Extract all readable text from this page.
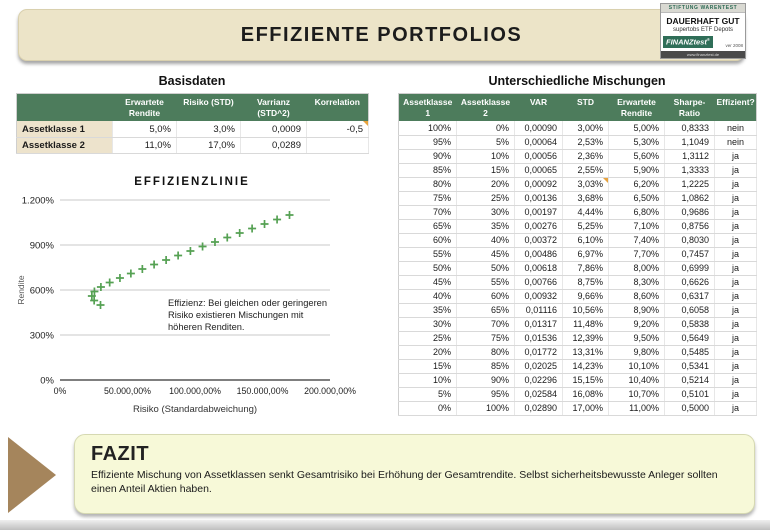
EFFIZIENTE PORTFOLIOS
STIFTUNG WARENTEST
DAUERHAFT GUT
supertobs ETF Depots
FINANZtest®
ver 2008
www.finanztest.de
Basisdaten
	Erwartete Rendite	Risiko (STD)	Varrianz (STD^2)	Korrelation
Assetklasse 1	5,0%	3,0%	0,0009	-0,5

Assetklasse 2	11,0%	17,0%	0,0289	
EFFIZIENZLINIE
0%
300%
600%
900%
1.200%
0%	50.000,00% 100.000,00% 150.000,00% 200.000,00%
Risiko (Standardabweichung)
Rendite	Effizienz: Bei gleichen oder geringeren
Risiko existieren Mischungen mit
höheren Renditen.
Unterschiedliche Mischungen
Assetklasse 1	Assetklasse 2	VAR	STD	Erwartete Rendite	Sharpe-Ratio	Effizient?
100%	0%	0,00090	3,00%	5,00%	0,8333	nein
95%	5%	0,00064	2,53%	5,30%	1,1049	nein
90%	10%	0,00056	2,36%	5,60%	1,3112	ja
85%	15%	0,00065	2,55%	5,90%	1,3333	ja
80%	20%	0,00092	3,03%	6,20%	1,2225	ja
75%	25%	0,00136	3,68%	6,50%	1,0862	ja
70%	30%	0,00197	4,44%	6,80%	0,9686	ja
65%	35%	0,00276	5,25%	7,10%	0,8756	ja
60%	40%	0,00372	6,10%	7,40%	0,8030	ja
55%	45%	0,00486	6,97%	7,70%	0,7457	ja
50%	50%	0,00618	7,86%	8,00%	0,6999	ja
45%	55%	0,00766	8,75%	8,30%	0,6626	ja
40%	60%	0,00932	9,66%	8,60%	0,6317	ja
35%	65%	0,01116	10,56%	8,90%	0,6058	ja
30%	70%	0,01317	11,48%	9,20%	0,5838	ja
25%	75%	0,01536	12,39%	9,50%	0,5649	ja
20%	80%	0,01772	13,31%	9,80%	0,5485	ja
15%	85%	0,02025	14,23%	10,10%	0,5341	ja
10%	90%	0,02296	15,15%	10,40%	0,5214	ja
5%	95%	0,02584	16,08%	10,70%	0,5101	ja
0%	100%	0,02890	17,00%	11,00%	0,5000	ja
FAZIT
Effiziente Mischung von Assetklassen senkt Gesamtrisiko bei Erhöhung der Gesamtrendite. Selbst sicherheitsbewusste Anleger sollten einen Anteil Aktien haben.
